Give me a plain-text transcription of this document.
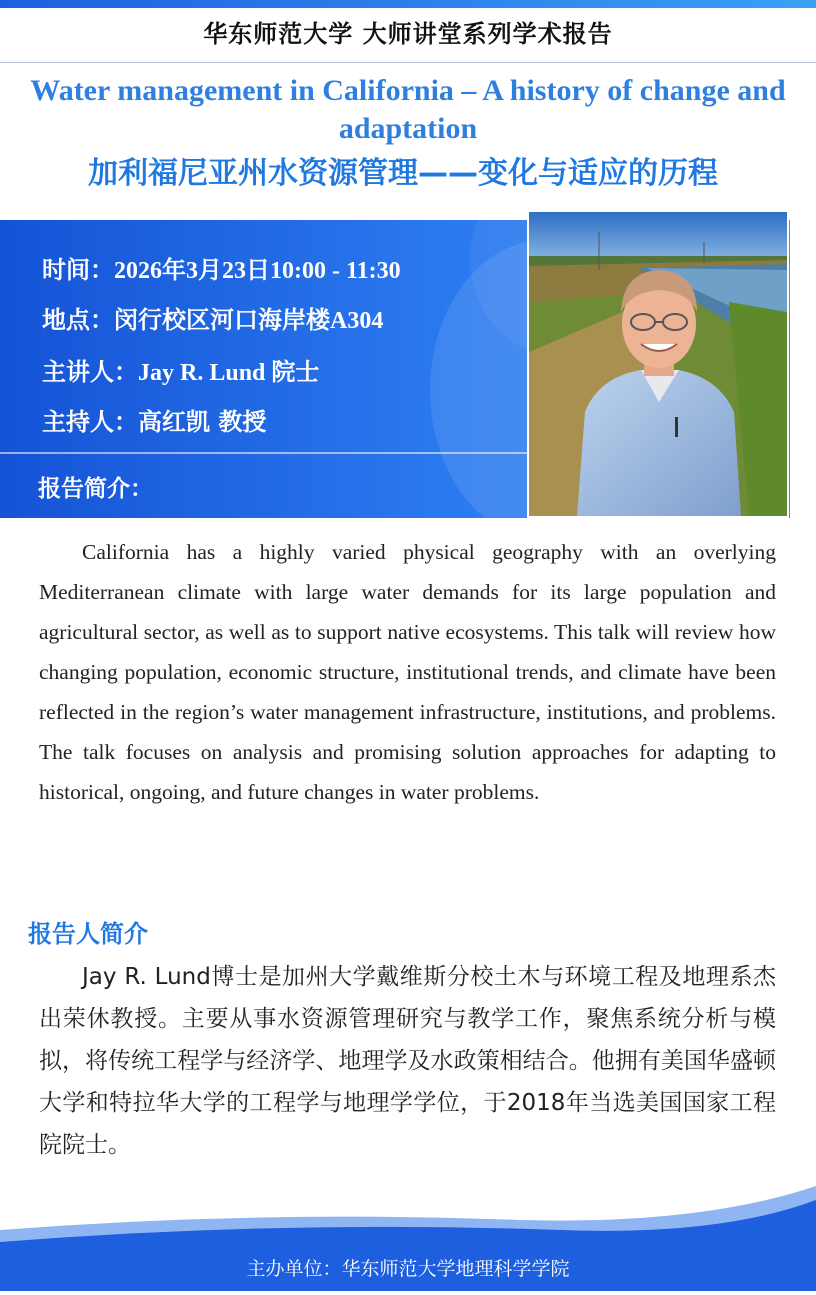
华东师范大学 大师讲堂系列学术报告
Water management in California – A history of change and adaptation
加利福尼亚州水资源管理——变化与适应的历程
时间：2026年3月23日10:00 - 11:30
地点：闵行校区河口海岸楼A304
主讲人：Jay R. Lund 院士
主持人：高红凯 教授
报告简介：

California has a highly varied physical geography with an overlying Mediterranean climate with large water demands for its large population and agricultural sector, as well as to support native ecosystems. This talk will review how changing population, economic structure, institutional trends, and climate have been reflected in the region’s water management infrastructure, institutions, and problems. The talk focuses on analysis and promising solution approaches for adapting to historical, ongoing, and future changes in water problems.

报告人简介

Jay R. Lund博士是加州大学戴维斯分校土木与环境工程及地理系杰出荣休教授。主要从事水资源管理研究与教学工作，聚焦系统分析与模拟，将传统工程学与经济学、地理学及水政策相结合。他拥有美国华盛顿大学和特拉华大学的工程学与地理学学位，于2018年当选美国国家工程院院士。

主办单位：华东师范大学地理科学学院
